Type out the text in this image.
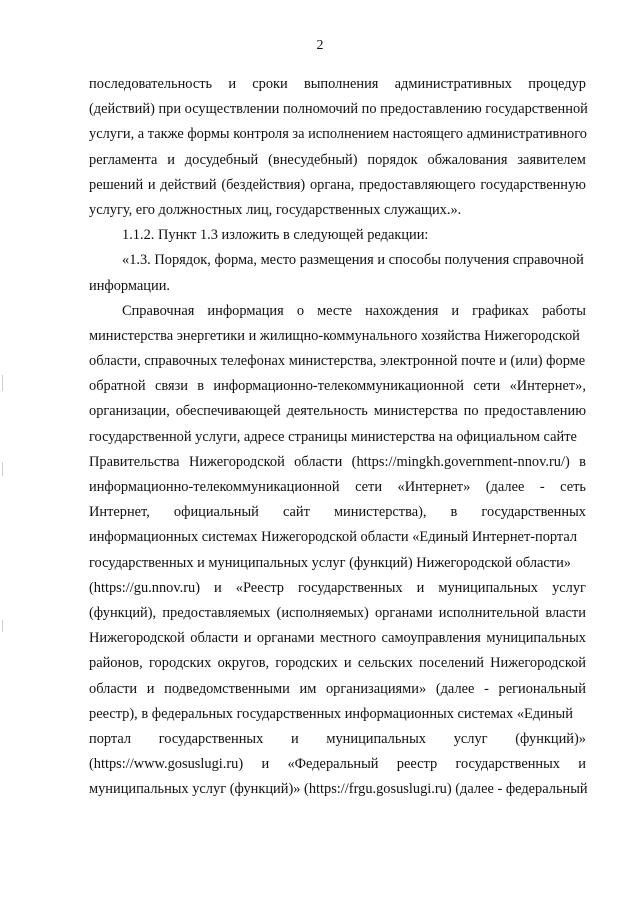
2
последовательность и сроки выполнения административных процедур
(действий) при осуществлении полномочий по предоставлению государственной
услуги, а также формы контроля за исполнением настоящего административного
регламента и досудебный (внесудебный) порядок обжалования заявителем
решений и действий (бездействия) органа, предоставляющего государственную
услугу, его должностных лиц, государственных служащих.».
1.1.2. Пункт 1.3 изложить в следующей редакции:
«1.3. Порядок, форма, место размещения и способы получения справочной
информации.
Справочная информация о месте нахождения и графиках работы
министерства энергетики и жилищно-коммунального хозяйства Нижегородской
области, справочных телефонах министерства, электронной почте и (или) форме
обратной связи в информационно-телекоммуникационной сети «Интернет»,
организации, обеспечивающей деятельность министерства по предоставлению
государственной услуги, адресе страницы министерства на официальном сайте
Правительства Нижегородской области (https://mingkh.government-nnov.ru/) в
информационно-телекоммуникационной сети «Интернет» (далее - сеть
Интернет, официальный сайт министерства), в государственных
информационных системах Нижегородской области «Единый Интернет-портал
государственных и муниципальных услуг (функций) Нижегородской области»
(https://gu.nnov.ru) и «Реестр государственных и муниципальных услуг
(функций), предоставляемых (исполняемых) органами исполнительной власти
Нижегородской области и органами местного самоуправления муниципальных
районов, городских округов, городских и сельских поселений Нижегородской
области и подведомственными им организациями» (далее - региональный
реестр), в федеральных государственных информационных системах «Единый
портал государственных и муниципальных услуг (функций)»
(https://www.gosuslugi.ru) и «Федеральный реестр государственных и
муниципальных услуг (функций)» (https://frgu.gosuslugi.ru) (далее - федеральный
